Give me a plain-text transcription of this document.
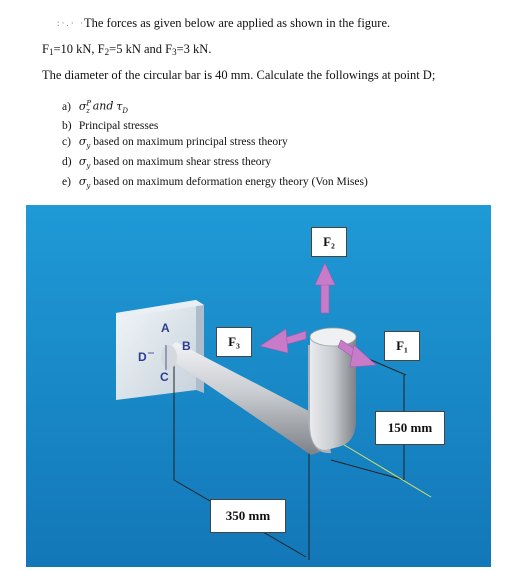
:·.· · The forces as given below are applied as shown in the figure.
$F_1=10$ kN, $F_2=5$ kN and $F_3=3$ kN.
The diameter of the circular bar is 40 mm. Calculate the followings at point D;
a) $\sigma^P_z$ and $\tau_D$
b) Principal stresses
c) $\sigma_y$ based on maximum principal stress theory
d) $\sigma_y$ based on maximum shear stress theory
e) $\sigma_y$ based on maximum deformation energy theory (Von Mises)
A
B
C
D
F₂
F₃	F₁
150 mm
350 mm
